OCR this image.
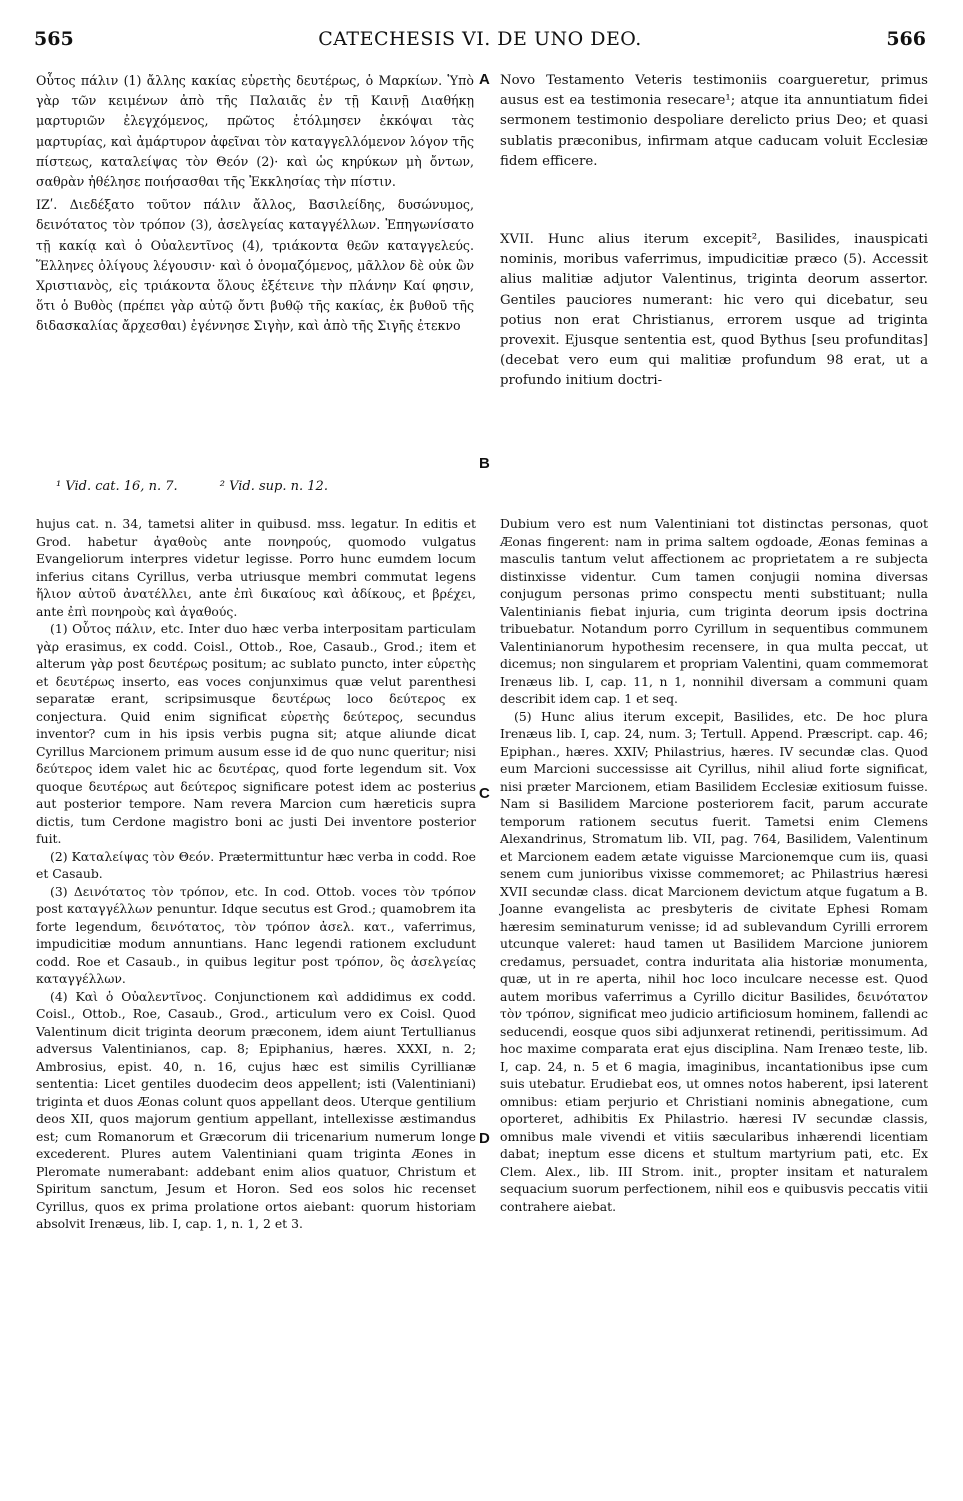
565	CATECHESIS VI. DE UNO DEO.	566

Οὗτος πάλιν (1) ἄλλης κακίας εὑρετὴς δευτέρως, ὁ Μαρκίων. Ὑπὸ γὰρ τῶν κειμένων ἀπὸ τῆς Παλαιᾶς ἐν τῇ Καινῇ Διαθήκῃ μαρτυριῶν ἐλεγχόμενος, πρῶτος ἐτόλμησεν ἐκκόψαι τὰς μαρτυρίας, καὶ ἀμάρτυρον ἀφεῖναι τὸν καταγγελλόμενον λόγον τῆς πίστεως, καταλείψας τὸν Θεόν (2)· καὶ ὡς κηρύκων μὴ ὄντων, σαθρὰν ἠθέλησε ποιήσασθαι τῆς Ἐκκλησίας τὴν πίστιν.

ΙΖʹ. Διεδέξατο τοῦτον πάλιν ἄλλος, Βασιλείδης, δυσώνυμος, δεινότατος τὸν τρόπον (3), ἀσελγείας καταγγέλλων. Ἐπηγωνίσατο τῇ κακίᾳ καὶ ὁ Οὐαλεντῖνος (4), τριάκοντα θεῶν καταγγελεύς. Ἕλληνες ὀλίγους λέγουσιν· καὶ ὁ ὀνομαζόμενος, μᾶλλον δὲ οὐκ ὢν Χριστιανὸς, εἰς τριάκοντα ὅλους ἐξέτεινε τὴν πλάνην Καί φησιν, ὅτι ὁ Βυθὸς (πρέπει γὰρ αὐτῷ ὄντι βυθῷ τῆς κακίας, ἐκ βυθοῦ τῆς διδασκαλίας ἄρχεσθαι) ἐγέννησε Σιγὴν, καὶ ἀπὸ τῆς Σιγῆς ἐτεκνο

A
B

Novo Testamento Veteris testimoniis coargueretur, primus ausus est ea testimonia resecare¹; atque ita annuntiatum fidei sermonem testimonio despoliare derelicto prius Deo; et quasi sublatis præconibus, infirmam atque caducam voluit Ecclesiæ fidem efficere.

XVII. Hunc alius iterum excepit², Basilides, inauspicati nominis, moribus vaferrimus, impudicitiæ præco (5). Accessit alius malitiæ adjutor Valentinus, triginta deorum assertor. Gentiles pauciores numerant: hic vero qui dicebatur, seu potius non erat Christianus, errorem usque ad triginta provexit. Ejusque sententia est, quod Bythus [seu profunditas] (decebat vero eum qui malitiæ profundum 98 erat, ut a profundo initium doctri-

¹ Vid. cat. 16, n. 7.	² Vid. sup. n. 12.

hujus cat. n. 34, tametsi aliter in quibusd. mss. legatur. In editis et Grod. habetur ἀγαθοὺς ante πονηρούς, quomodo vulgatus Evangeliorum interpres videtur legisse. Porro hunc eumdem locum inferius citans Cyrillus, verba utriusque membri commutat legens ἥλιον αὐτοῦ ἀνατέλλει, ante ἐπὶ δικαίους καὶ ἀδίκους, et βρέχει, ante ἐπὶ πονηροὺς καὶ ἀγαθούς.

(1) Οὗτος πάλιν, etc. Inter duo hæc verba interpositam particulam γὰρ erasimus, ex codd. Coisl., Ottob., Roe, Casaub., Grod.; item et alterum γὰρ post δευτέρως positum; ac sublato puncto, inter εὑρετὴς et δευτέρως inserto, eas voces conjunximus quæ velut parenthesi separatæ erant, scripsimusque δευτέρως loco δεύτερος ex conjectura. Quid enim significat εὑρετὴς δεύτερος, secundus inventor? cum in his ipsis verbis pugna sit; atque aliunde dicat Cyrillus Marcionem primum ausum esse id de quo nunc queritur; nisi δεύτερος idem valet hic ac δευτέρας, quod forte legendum sit. Vox quoque δευτέρως aut δεύτερος significare potest idem ac posterius aut posterior tempore. Nam revera Marcion cum hæreticis supra dictis, tum Cerdone magistro boni ac justi Dei inventore posterior fuit.

(2) Καταλείψας τὸν Θεόν. Prætermittuntur hæc verba in codd. Roe et Casaub.

(3) Δεινότατος τὸν τρόπον, etc. In cod. Ottob. voces τὸν τρόπον post καταγγέλλων penuntur. Idque secutus est Grod.; quamobrem ita forte legendum, δεινότατος, τὸν τρόπον ἀσελ. κατ., vaferrimus, impudicitiæ modum annuntians. Hanc legendi rationem excludunt codd. Roe et Casaub., in quibus legitur post τρόπον, ὃς ἀσελγείας καταγγέλλων.

(4) Καὶ ὁ Οὐαλεντῖνος. Conjunctionem καὶ addidimus ex codd. Coisl., Ottob., Roe, Casaub., Grod., articulum vero ex Coisl. Quod Valentinum dicit triginta deorum præconem, idem aiunt Tertullianus adversus Valentinianos, cap. 8; Epiphanius, hæres. XXXI, n. 2; Ambrosius, epist. 40, n. 16, cujus hæc est similis Cyrillianæ sententia: Licet gentiles duodecim deos appellent; isti (Valentiniani) triginta et duos Æonas colunt quos appellant deos. Uterque gentilium deos XII, quos majorum gentium appellant, intellexisse æstimandus est; cum Romanorum et Græcorum dii tricenarium numerum longe excederent. Plures autem Valentiniani quam triginta Æones in Pleromate numerabant: addebant enim alios quatuor, Christum et Spiritum sanctum, Jesum et Horon. Sed eos solos hic recenset Cyrillus, quos ex prima prolatione ortos aiebant: quorum historiam absolvit Irenæus, lib. I, cap. 1, n. 1, 2 et 3.

C
D

Dubium vero est num Valentiniani tot distinctas personas, quot Æonas fingerent: nam in prima saltem ogdoade, Æonas feminas a masculis tantum velut affectionem ac proprietatem a re subjecta distinxisse videntur. Cum tamen conjugii nomina diversas conjugum personas primo conspectu menti substituant; nulla Valentinianis fiebat injuria, cum triginta deorum ipsis doctrina tribuebatur. Notandum porro Cyrillum in sequentibus communem Valentinianorum hypothesim recensere, in qua multa peccat, ut dicemus; non singularem et propriam Valentini, quam commemorat Irenæus lib. I, cap. 11, n 1, nonnihil diversam a communi quam describit idem cap. 1 et seq.

(5) Hunc alius iterum excepit, Basilides, etc. De hoc plura Irenæus lib. I, cap. 24, num. 3; Tertull. Append. Præscript. cap. 46; Epiphan., hæres. XXIV; Philastrius, hæres. IV secundæ clas. Quod eum Marcioni successisse ait Cyrillus, nihil aliud forte significat, nisi præter Marcionem, etiam Basilidem Ecclesiæ exitiosum fuisse. Nam si Basilidem Marcione posteriorem facit, parum accurate temporum rationem secutus fuerit. Tametsi enim Clemens Alexandrinus, Stromatum lib. VII, pag. 764, Basilidem, Valentinum et Marcionem eadem ætate viguisse Marcionemque cum iis, quasi senem cum junioribus vixisse commemoret; ac Philastrius hæresi XVII secundæ class. dicat Marcionem devictum atque fugatum a B. Joanne evangelista ac presbyteris de civitate Ephesi Romam hæresim seminaturum venisse; id ad sublevandum Cyrilli errorem utcunque valeret: haud tamen ut Basilidem Marcione juniorem credamus, persuadet, contra induritata alia historiæ monumenta, quæ, ut in re aperta, nihil hoc loco inculcare necesse est. Quod autem moribus vaferrimus a Cyrillo dicitur Basilides, δεινότατον τὸν τρόπον, significat meo judicio artificiosum hominem, fallendi ac seducendi, eosque quos sibi adjunxerat retinendi, peritissimum. Ad hoc maxime comparata erat ejus disciplina. Nam Irenæo teste, lib. I, cap. 24, n. 5 et 6 magia, imaginibus, incantationibus ipse cum suis utebatur. Erudiebat eos, ut omnes notos haberent, ipsi laterent omnibus: etiam perjurio et Christiani nominis abnegatione, cum oporteret, adhibitis Ex Philastrio. hæresi IV secundæ classis, omnibus male vivendi et vitiis sæcularibus inhærendi licentiam dabat; ineptum esse dicens et stultum martyrium pati, etc. Ex Clem. Alex., lib. III Strom. init., propter insitam et naturalem sequacium suorum perfectionem, nihil eos e quibusvis peccatis vitii contrahere aiebat.
